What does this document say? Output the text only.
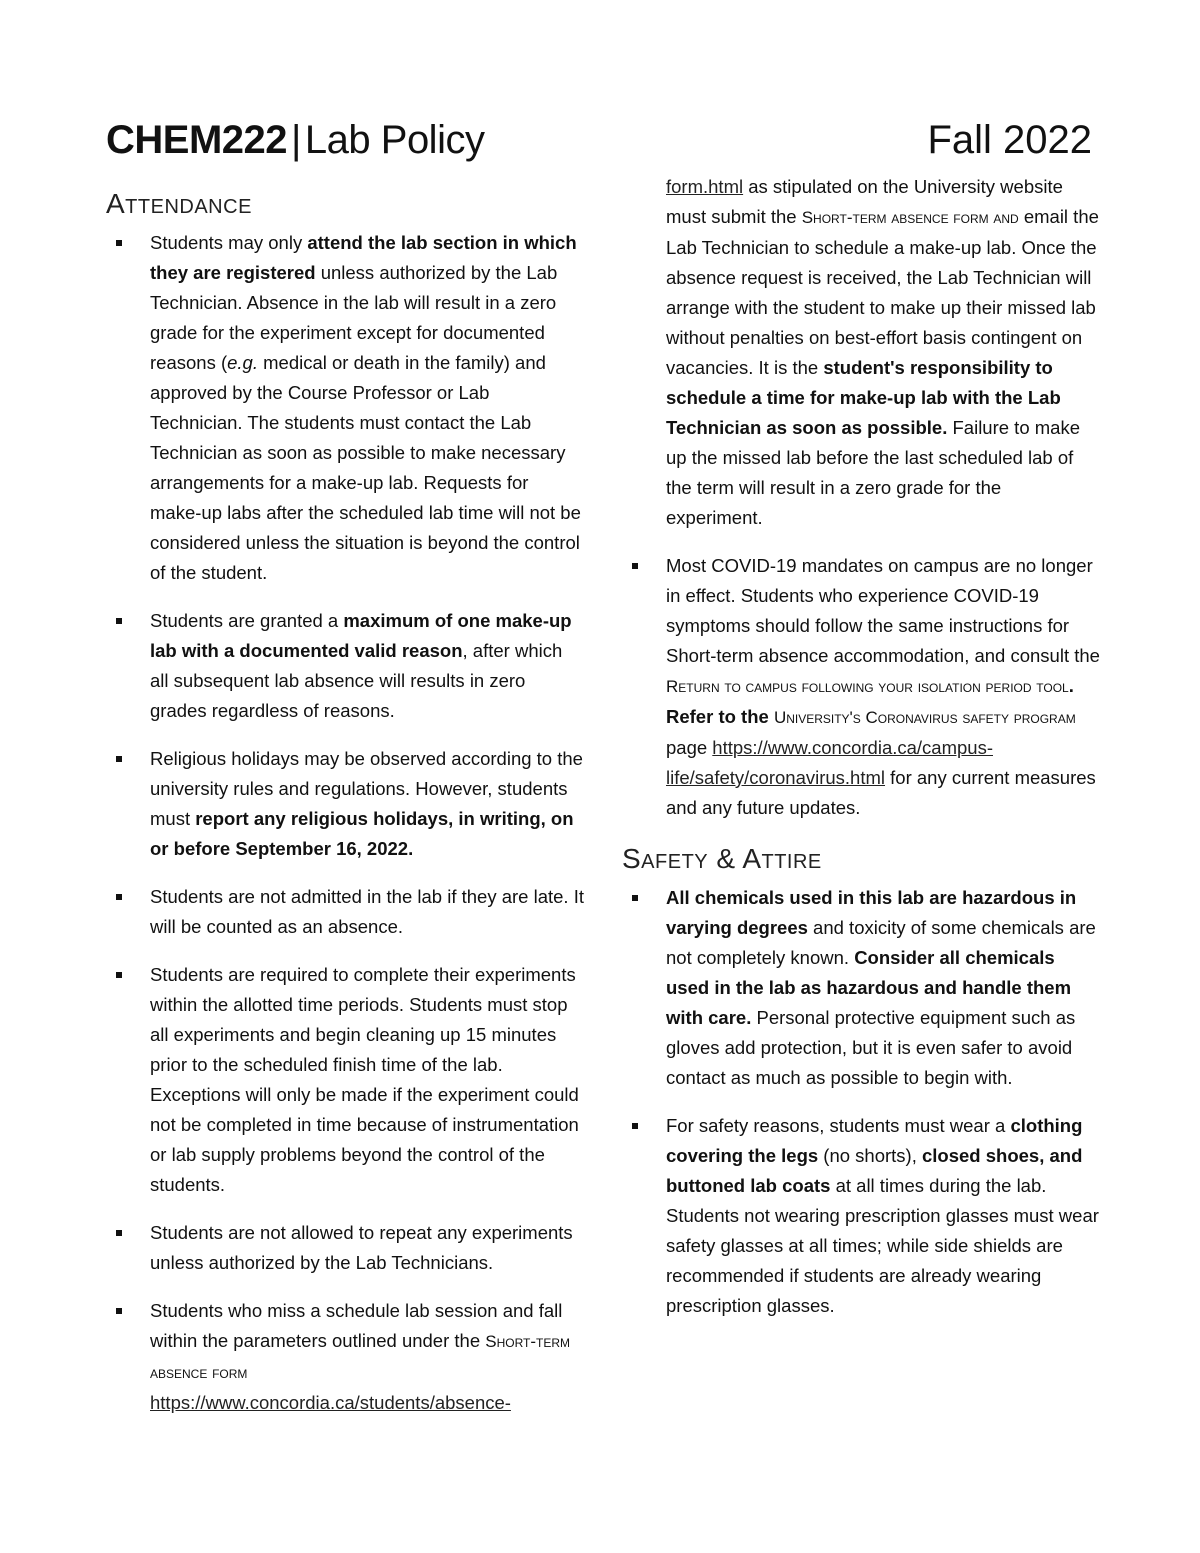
CHEM222 | Lab Policy	Fall 2022
Attendance
Students may only attend the lab section in which they are registered unless authorized by the Lab Technician. Absence in the lab will result in a zero grade for the experiment except for documented reasons (e.g. medical or death in the family) and approved by the Course Professor or Lab Technician. The students must contact the Lab Technician as soon as possible to make necessary arrangements for a make-up lab. Requests for make-up labs after the scheduled lab time will not be considered unless the situation is beyond the control of the student.
Students are granted a maximum of one make-up lab with a documented valid reason, after which all subsequent lab absence will results in zero grades regardless of reasons.
Religious holidays may be observed according to the university rules and regulations. However, students must report any religious holidays, in writing, on or before September 16, 2022.
Students are not admitted in the lab if they are late. It will be counted as an absence.
Students are required to complete their experiments within the allotted time periods. Students must stop all experiments and begin cleaning up 15 minutes prior to the scheduled finish time of the lab. Exceptions will only be made if the experiment could not be completed in time because of instrumentation or lab supply problems beyond the control of the students.
Students are not allowed to repeat any experiments unless authorized by the Lab Technicians.
Students who miss a schedule lab session and fall within the parameters outlined under the Short-term absence form https://www.concordia.ca/students/absence-
form.html as stipulated on the University website must submit the Short-term absence form and email the Lab Technician to schedule a make-up lab. Once the absence request is received, the Lab Technician will arrange with the student to make up their missed lab without penalties on best-effort basis contingent on vacancies. It is the student's responsibility to schedule a time for make-up lab with the Lab Technician as soon as possible. Failure to make up the missed lab before the last scheduled lab of the term will result in a zero grade for the experiment.
Most COVID-19 mandates on campus are no longer in effect. Students who experience COVID-19 symptoms should follow the same instructions for Short-term absence accommodation, and consult the Return to campus following your isolation period tool. Refer to the University's Coronavirus safety program page https://www.concordia.ca/campus-life/safety/coronavirus.html for any current measures and any future updates.
Safety & Attire
All chemicals used in this lab are hazardous in varying degrees and toxicity of some chemicals are not completely known. Consider all chemicals used in the lab as hazardous and handle them with care. Personal protective equipment such as gloves add protection, but it is even safer to avoid contact as much as possible to begin with.
For safety reasons, students must wear a clothing covering the legs (no shorts), closed shoes, and buttoned lab coats at all times during the lab. Students not wearing prescription glasses must wear safety glasses at all times; while side shields are recommended if students are already wearing prescription glasses.
